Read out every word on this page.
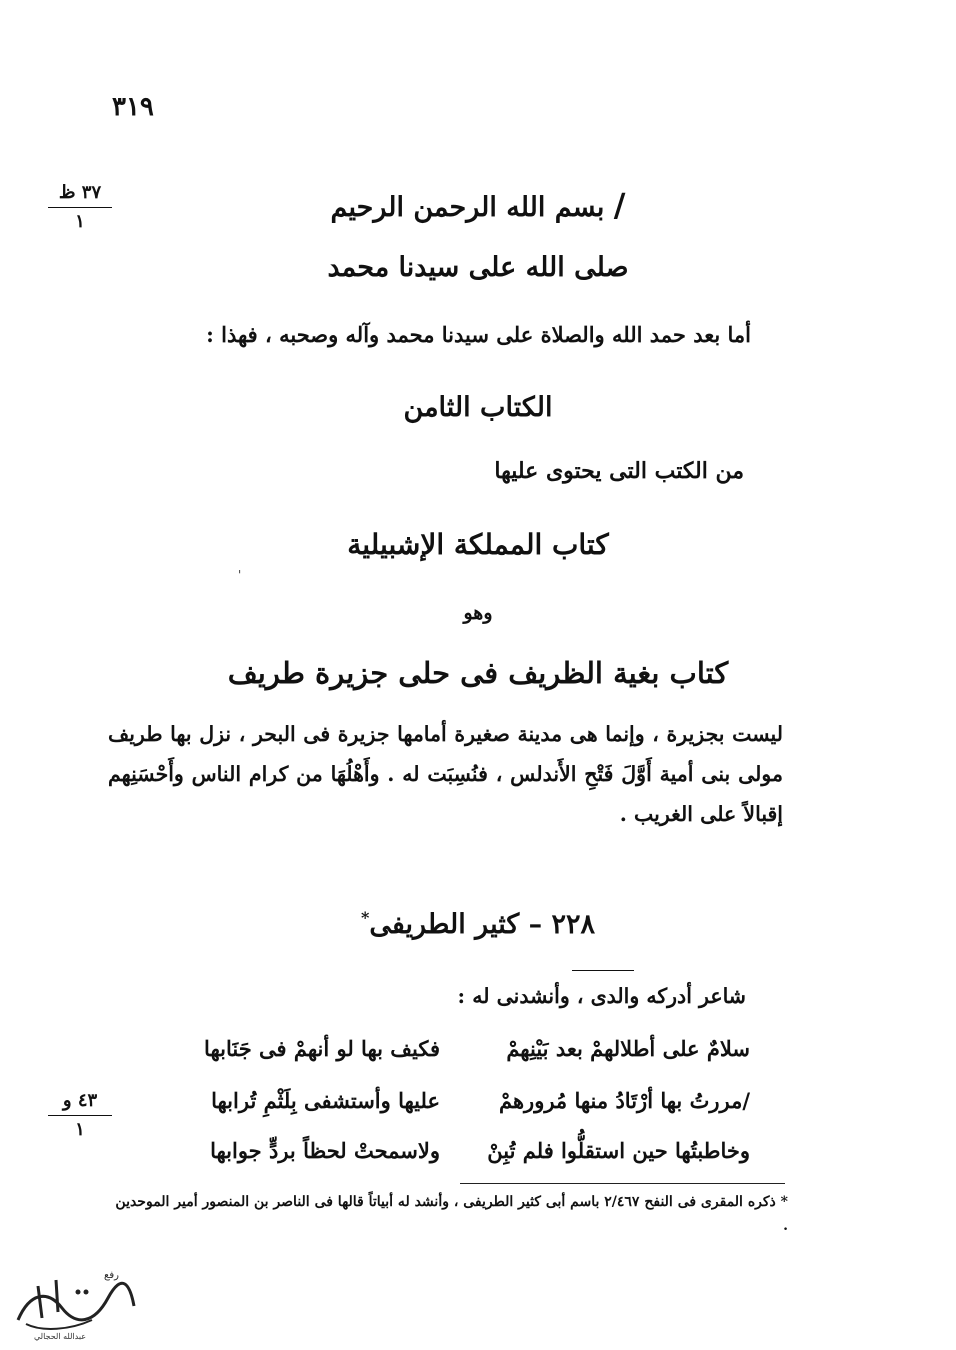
٣١٩
٣٧ ظ
١	/ بسم الله الرحمن الرحيم
صلى الله على سيدنا محمد
أما بعد حمد الله والصلاة على سيدنا محمد وآله وصحبه ، فهذا :
الكتاب الثامن
من الكتب التى يحتوى عليها
'
كتاب المملكة الإشبيلية
وهو
كتاب بغية الظريف فى حلى جزيرة طريف
ليست بجزيرة ، وإنما هى مدينة صغيرة أمامها جزيرة فى البحر ، نزل بها طريف مولى بنى أمية أَوَّلَ فَتْحِ الأَندلس ، فنُسِبَت له . وأَهْلُهَا من كرام الناس وأَحْسَنِهم إقبالاً على الغريب .
٢٢٨ – كثير الطريفى*
شاعر أدركه والدى ، وأنشدنى له :
سلامٌ على أطلالهمْ بعد بَيْنِهمْ
فكيف بها لو أنهمْ فى جَنَابها
/مررتُ بها أرْتَادُ منها مُرورهمْ
عليها وأستشفى بِلَثْمِ تُرابها
وخاطبتُها حين استقلُّوا فلم تُبِنْ
ولاسمحتْ لحظاً بردٍّ جوابها
٤٣ و
١
* ذكره المقرى فى النفح ٢/٤٦٧ باسم أبى كثير الطريفى ، وأنشد له أبياتاً قالها فى الناصر بن المنصور أمير الموحدين .
رفع
عبدالله الحجالي
